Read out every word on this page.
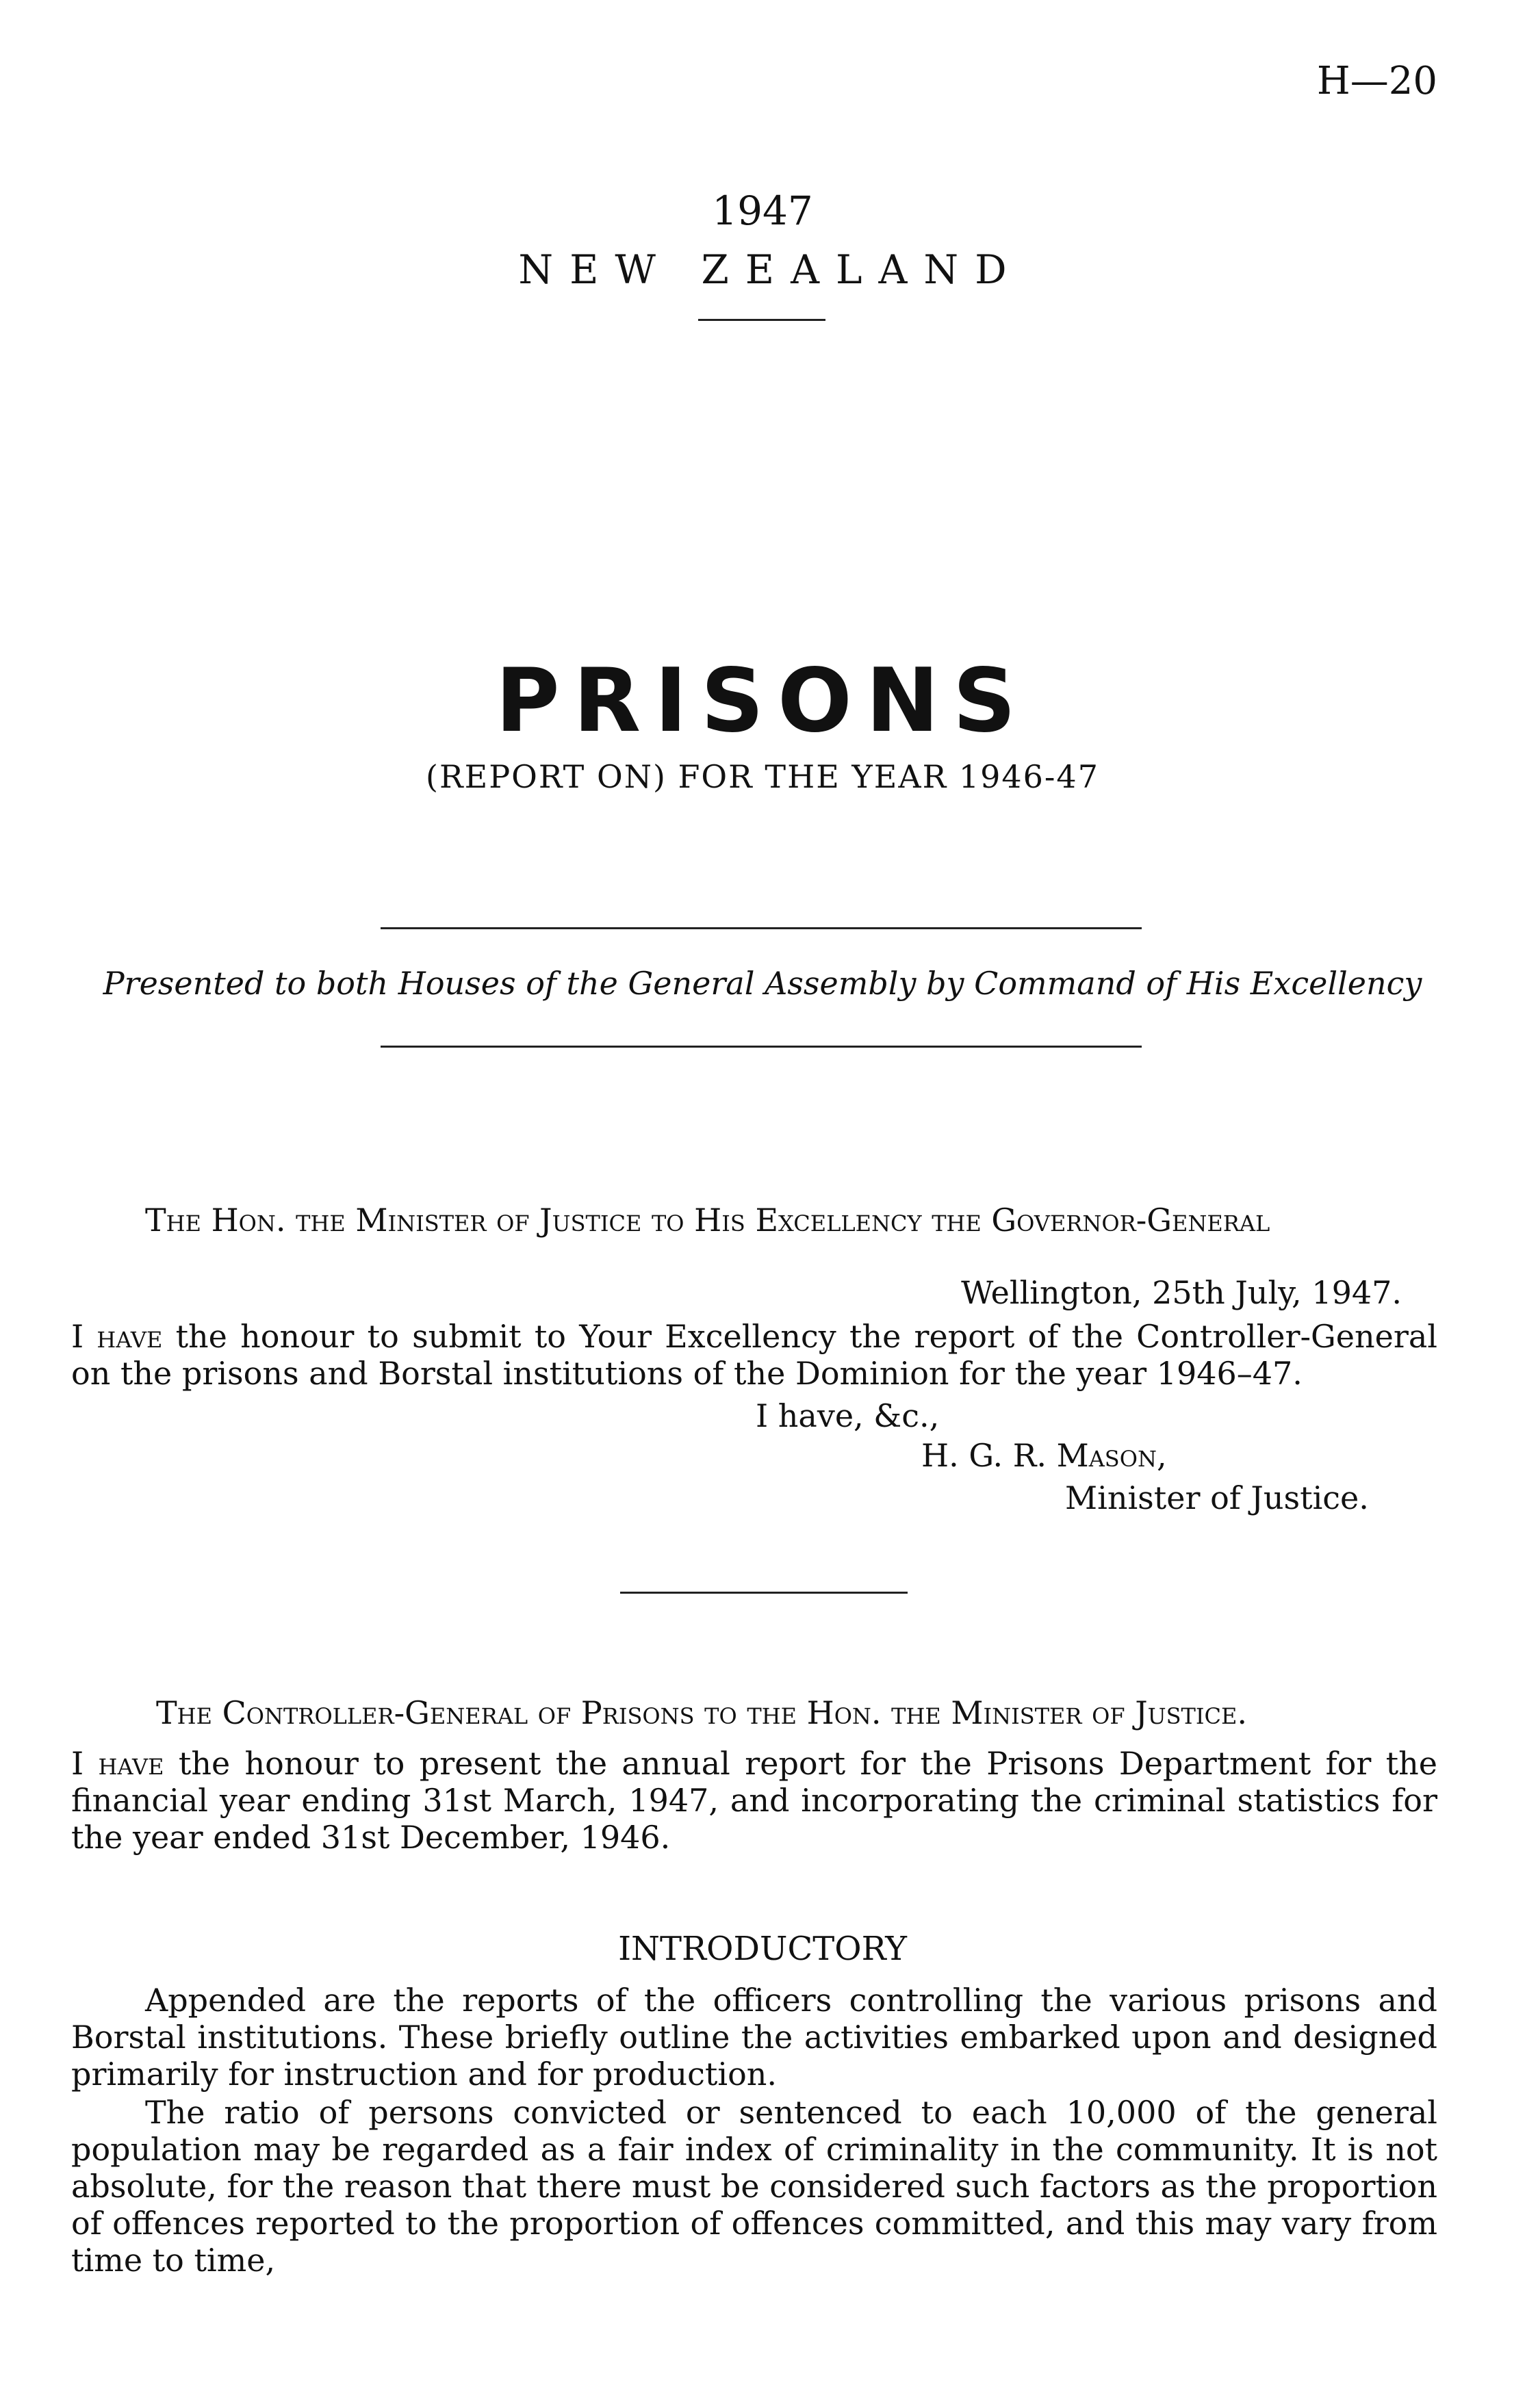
H—20
1947
NEW ZEALAND
PRISONS
(REPORT ON) FOR THE YEAR 1946-47
Presented to both Houses of the General Assembly by Command of His Excellency
The Hon. the Minister of Justice to His Excellency the Governor-General
Wellington, 25th July, 1947.
I have the honour to submit to Your Excellency the report of the Controller-General on the prisons and Borstal institutions of the Dominion for the year 1946–47.
I have, &c.,
H. G. R. Mason,
Minister of Justice.
The Controller-General of Prisons to the Hon. the Minister of Justice.
I have the honour to present the annual report for the Prisons Department for the financial year ending 31st March, 1947, and incorporating the criminal statistics for the year ended 31st December, 1946.
INTRODUCTORY
Appended are the reports of the officers controlling the various prisons and Borstal institutions. These briefly outline the activities embarked upon and designed primarily for instruction and for production.
The ratio of persons convicted or sentenced to each 10,000 of the general population may be regarded as a fair index of criminality in the community. It is not absolute, for the reason that there must be considered such factors as the proportion of offences reported to the proportion of offences committed, and this may vary from time to time,
